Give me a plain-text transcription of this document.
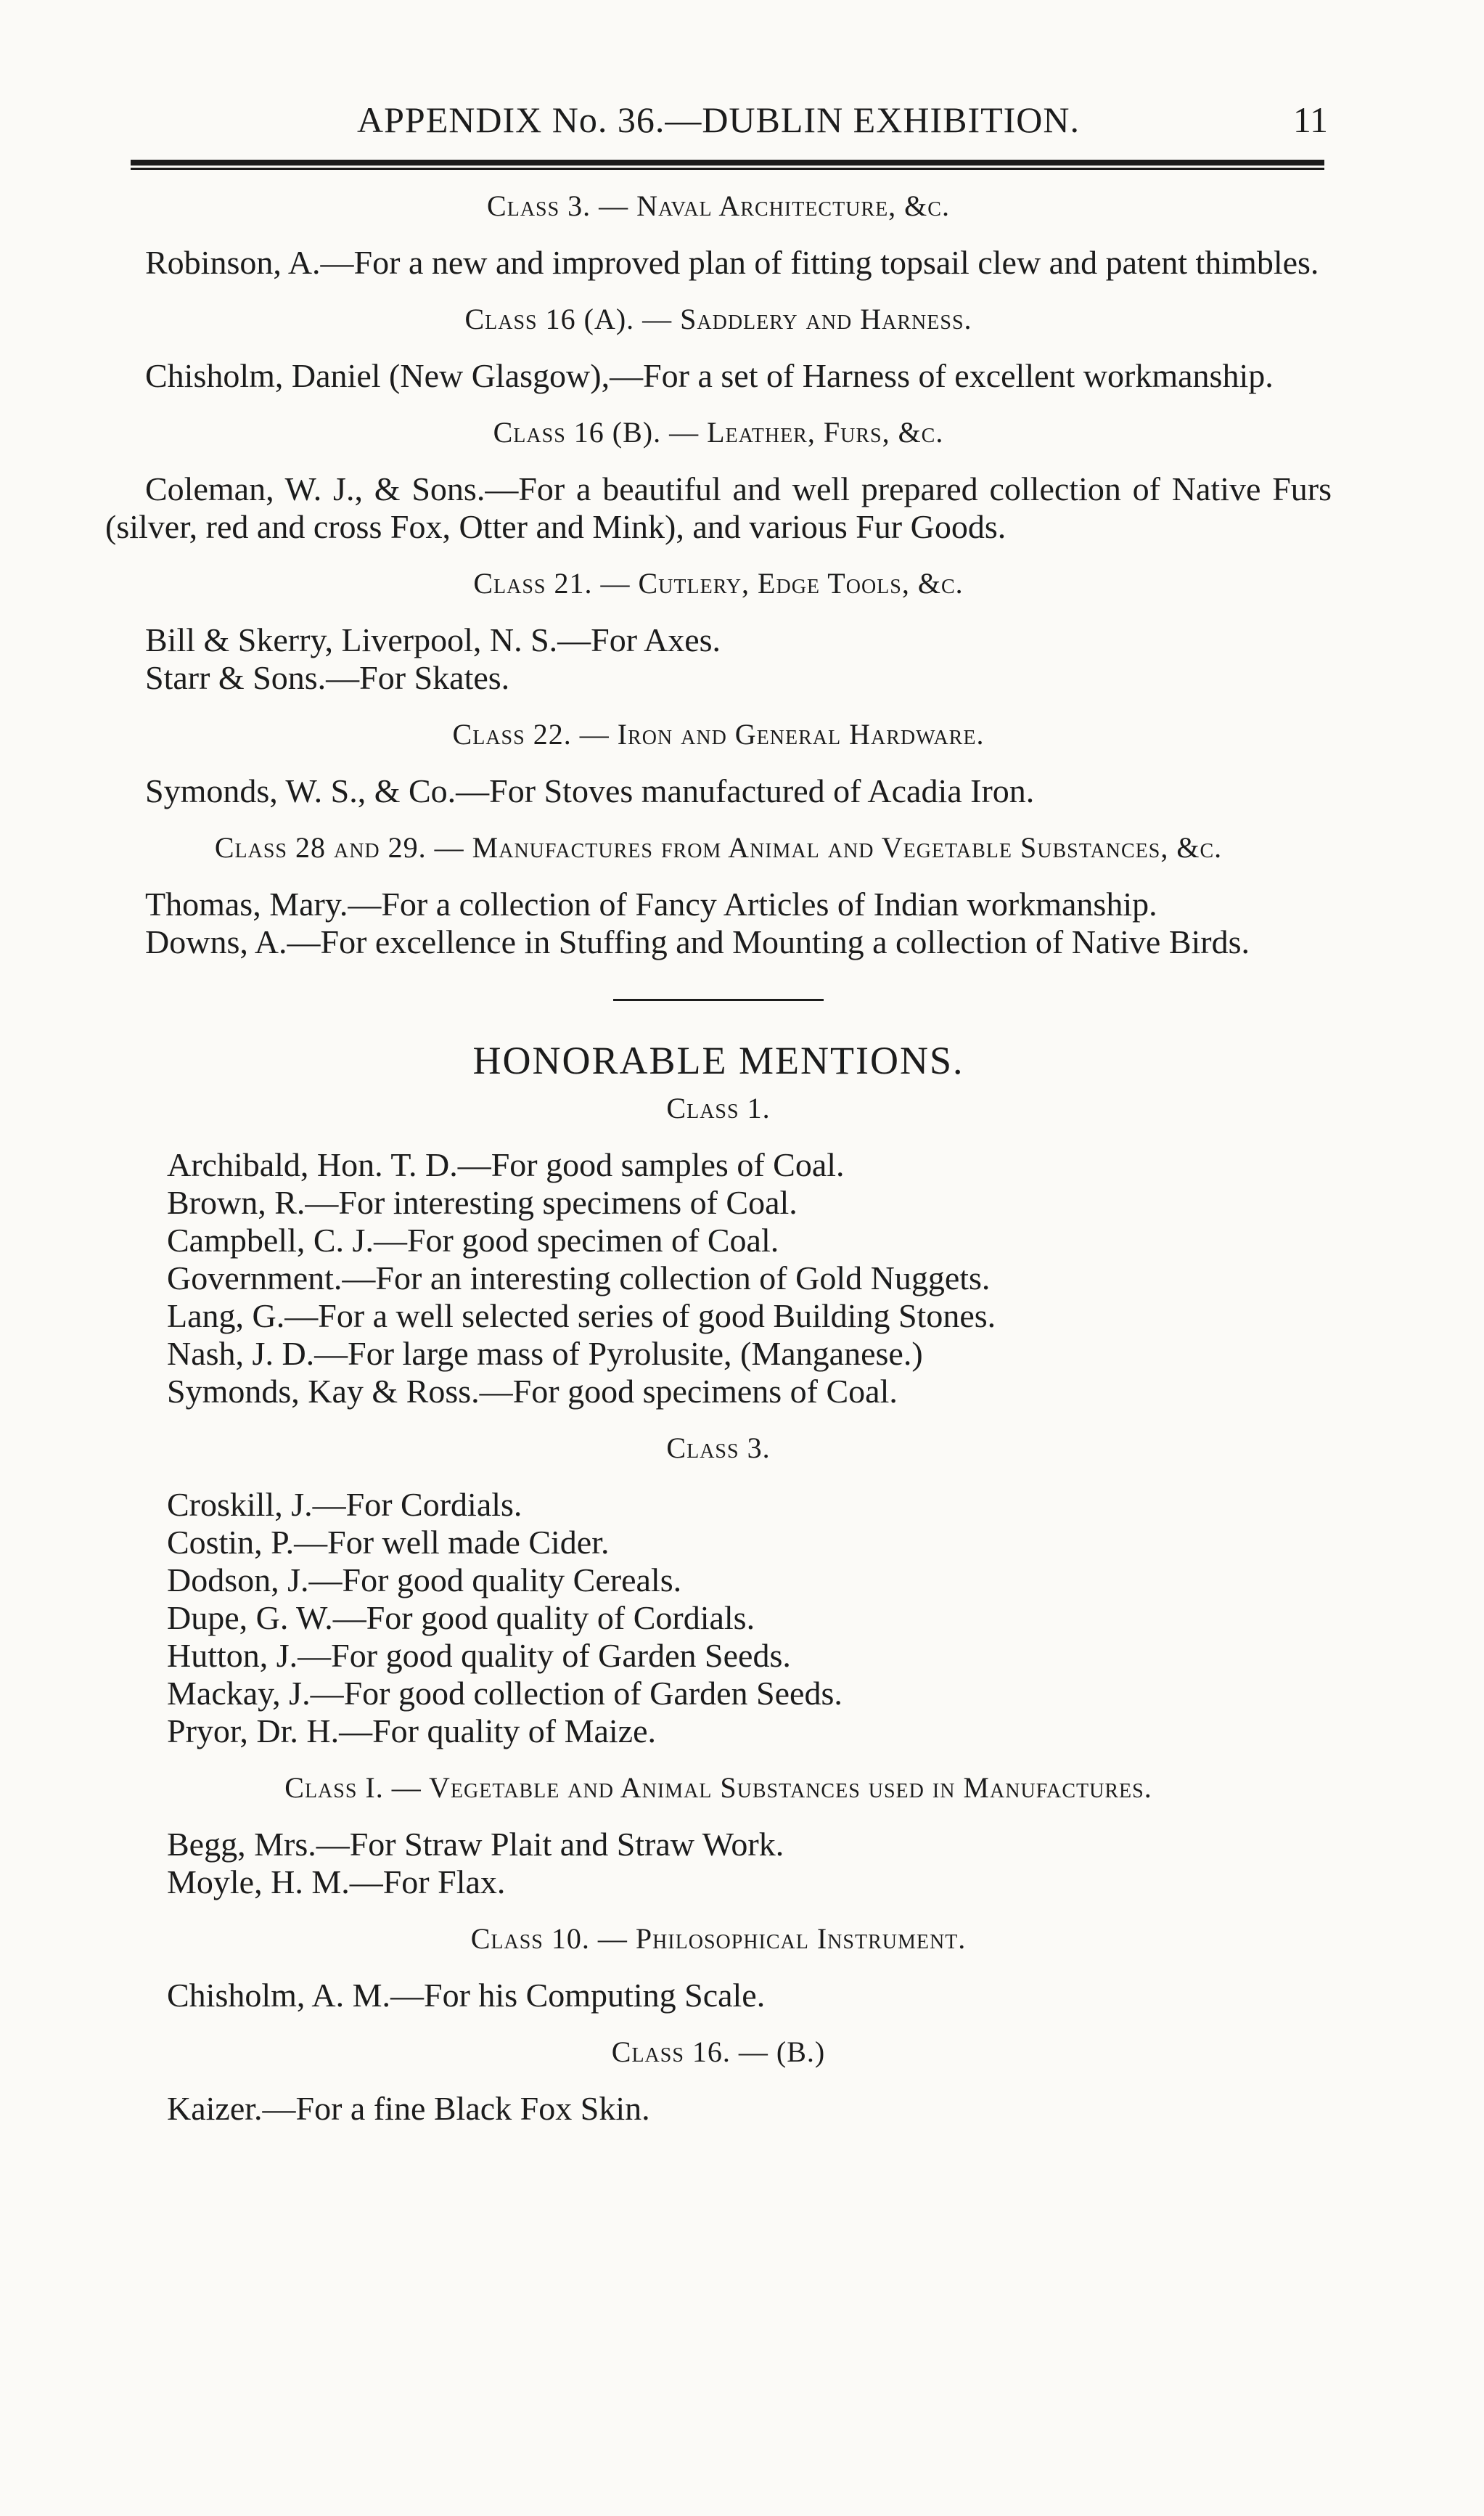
APPENDIX No. 36.—DUBLIN EXHIBITION.	11

Class 3. — Naval Architecture, &c.

Robinson, A.—For a new and improved plan of fitting topsail clew and patent thimbles.

Class 16 (A). — Saddlery and Harness.

Chisholm, Daniel (New Glasgow),—For a set of Harness of excellent workmanship.

Class 16 (B). — Leather, Furs, &c.

Coleman, W. J., & Sons.—For a beautiful and well prepared collection of Native Furs (silver, red and cross Fox, Otter and Mink), and various Fur Goods.

Class 21. — Cutlery, Edge Tools, &c.

Bill & Skerry, Liverpool, N. S.—For Axes.

Starr & Sons.—For Skates.

Class 22. — Iron and General Hardware.

Symonds, W. S., & Co.—For Stoves manufactured of Acadia Iron.

Class 28 and 29. — Manufactures from Animal and Vegetable Substances, &c.

Thomas, Mary.—For a collection of Fancy Articles of Indian workmanship.

Downs, A.—For excellence in Stuffing and Mounting a collection of Native Birds.

HONORABLE MENTIONS.

Class 1.

Archibald, Hon. T. D.—For good samples of Coal.

Brown, R.—For interesting specimens of Coal.

Campbell, C. J.—For good specimen of Coal.

Government.—For an interesting collection of Gold Nuggets.

Lang, G.—For a well selected series of good Building Stones.

Nash, J. D.—For large mass of Pyrolusite, (Manganese.)

Symonds, Kay & Ross.—For good specimens of Coal.

Class 3.

Croskill, J.—For Cordials.

Costin, P.—For well made Cider.

Dodson, J.—For good quality Cereals.

Dupe, G. W.—For good quality of Cordials.

Hutton, J.—For good quality of Garden Seeds.

Mackay, J.—For good collection of Garden Seeds.

Pryor, Dr. H.—For quality of Maize.

Class I. — Vegetable and Animal Substances used in Manufactures.

Begg, Mrs.—For Straw Plait and Straw Work.

Moyle, H. M.—For Flax.

Class 10. — Philosophical Instrument.

Chisholm, A. M.—For his Computing Scale.

Class 16. — (B.)

Kaizer.—For a fine Black Fox Skin.
